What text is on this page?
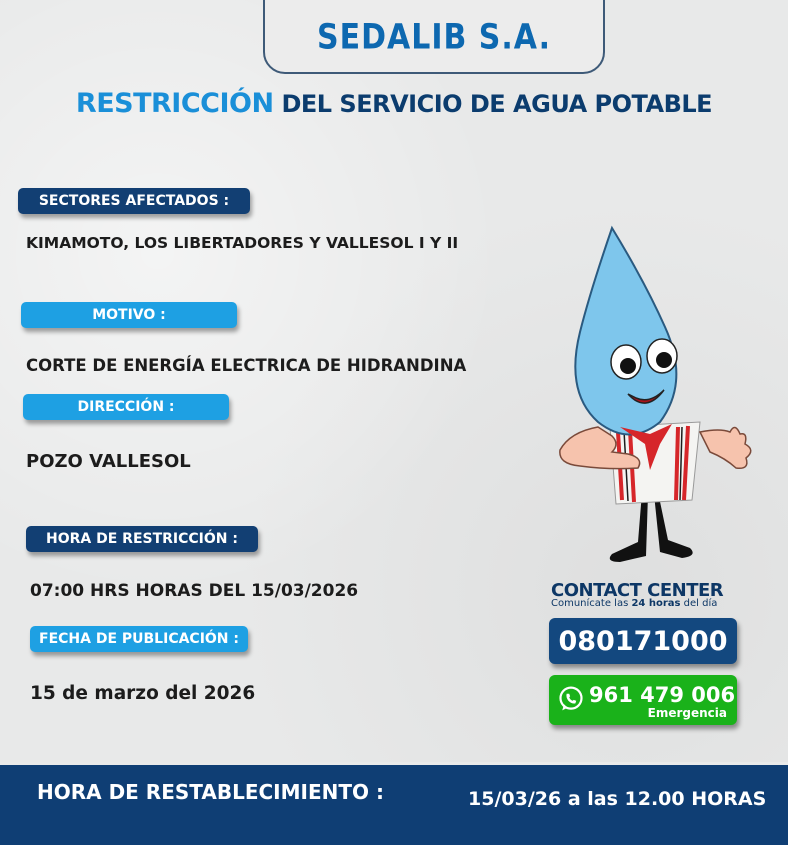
SEDALIB S.A.
RESTRICCIÓN DEL SERVICIO DE AGUA POTABLE
SECTORES AFECTADOS :
KIMAMOTO, LOS LIBERTADORES Y VALLESOL I Y II
MOTIVO :
CORTE DE ENERGÍA ELECTRICA DE HIDRANDINA
DIRECCIÓN :
POZO VALLESOL
HORA DE RESTRICCIÓN :
07:00 HRS HORAS DEL 15/03/2026
FECHA DE PUBLICACIÓN :
15 de marzo del 2026
CONTACT CENTER
Comunícate las 24 horas del día
080171000
961 479 006
Emergencia
HORA DE RESTABLECIMIENTO :	15/03/26 a las 12.00 HORAS
